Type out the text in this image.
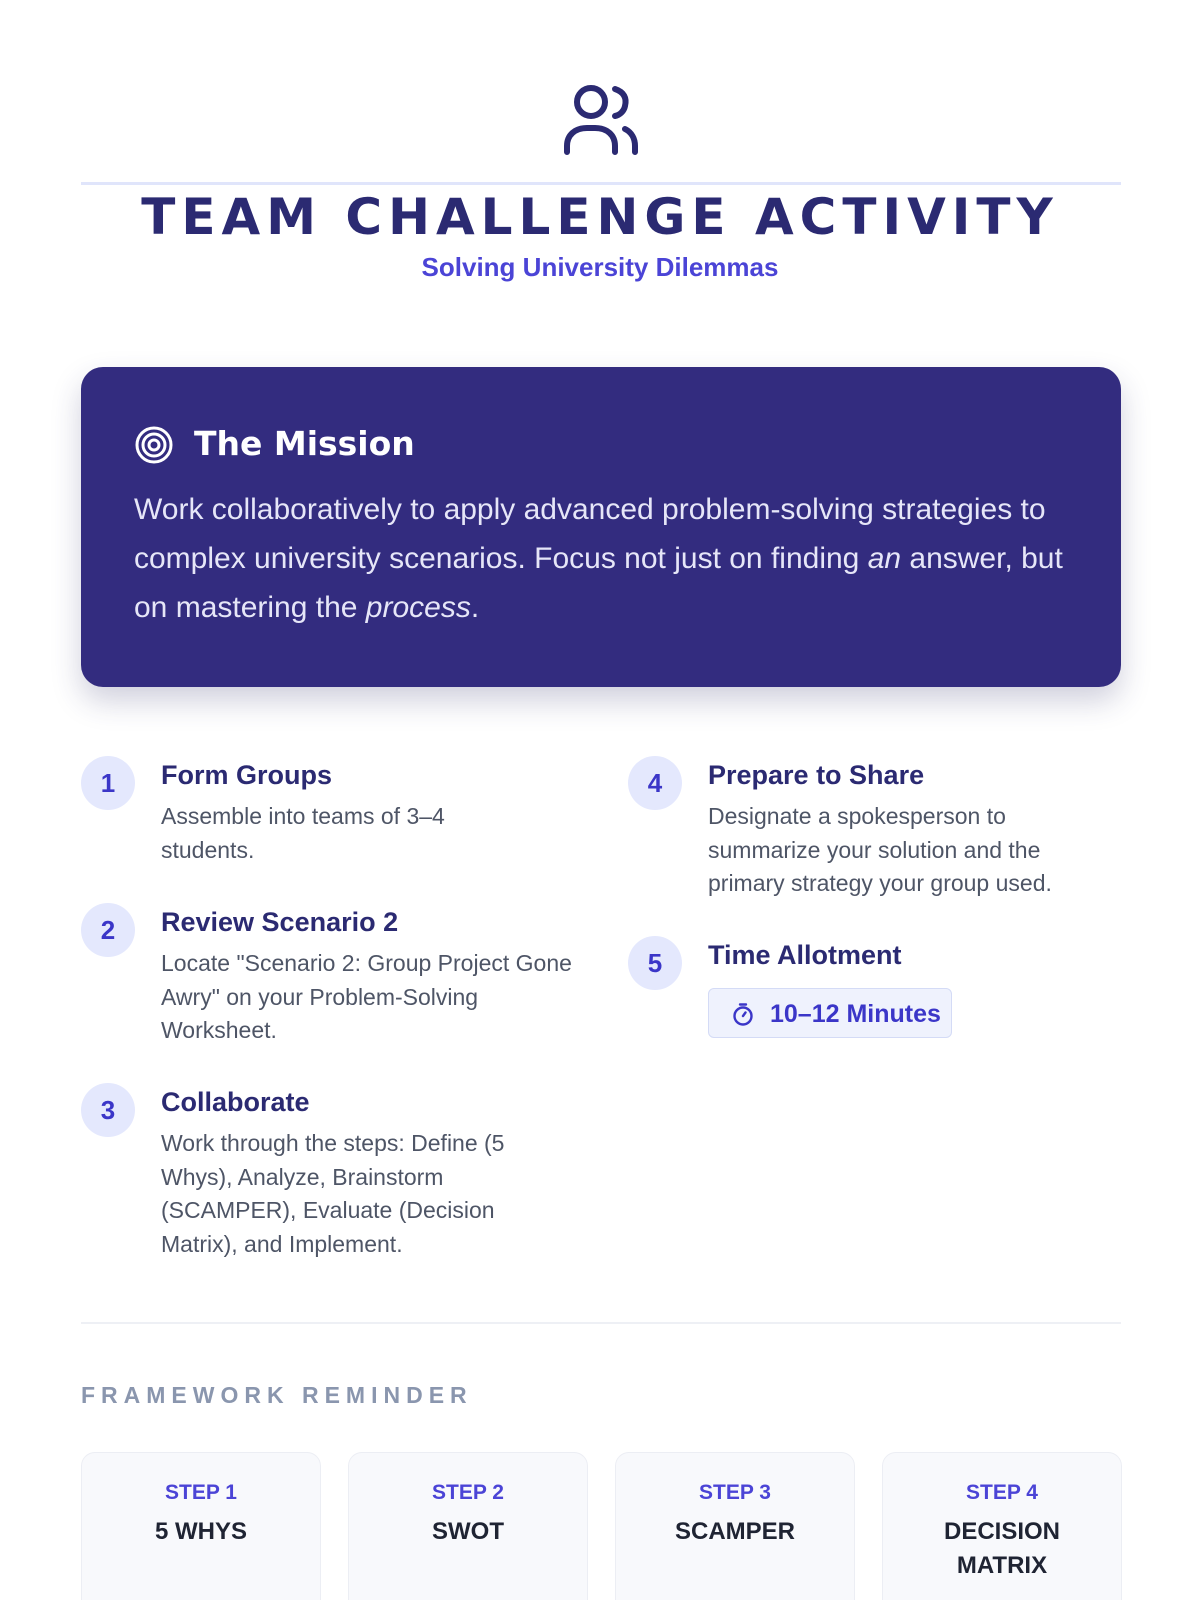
TEAM CHALLENGE ACTIVITY
Solving University Dilemmas
The Mission

Work collaboratively to apply advanced problem-solving strategies to complex university scenarios. Focus not just on finding an answer, but on mastering the process.

1	Form Groups
Assemble into teams of 3–4 students.
2	Review Scenario 2
Locate "Scenario 2: Group Project Gone Awry" on your Problem-Solving Worksheet.
3	Collaborate
Work through the steps: Define (5 Whys), Analyze, Brainstorm (SCAMPER), Evaluate (Decision Matrix), and Implement.
4	Prepare to Share
Designate a spokesperson to summarize your solution and the primary strategy your group used.
5	Time Allotment
10–12 Minutes
FRAMEWORK REMINDER
STEP 1
5 WHYS
STEP 2
SWOT
STEP 3
SCAMPER
STEP 4
DECISION MATRIX
